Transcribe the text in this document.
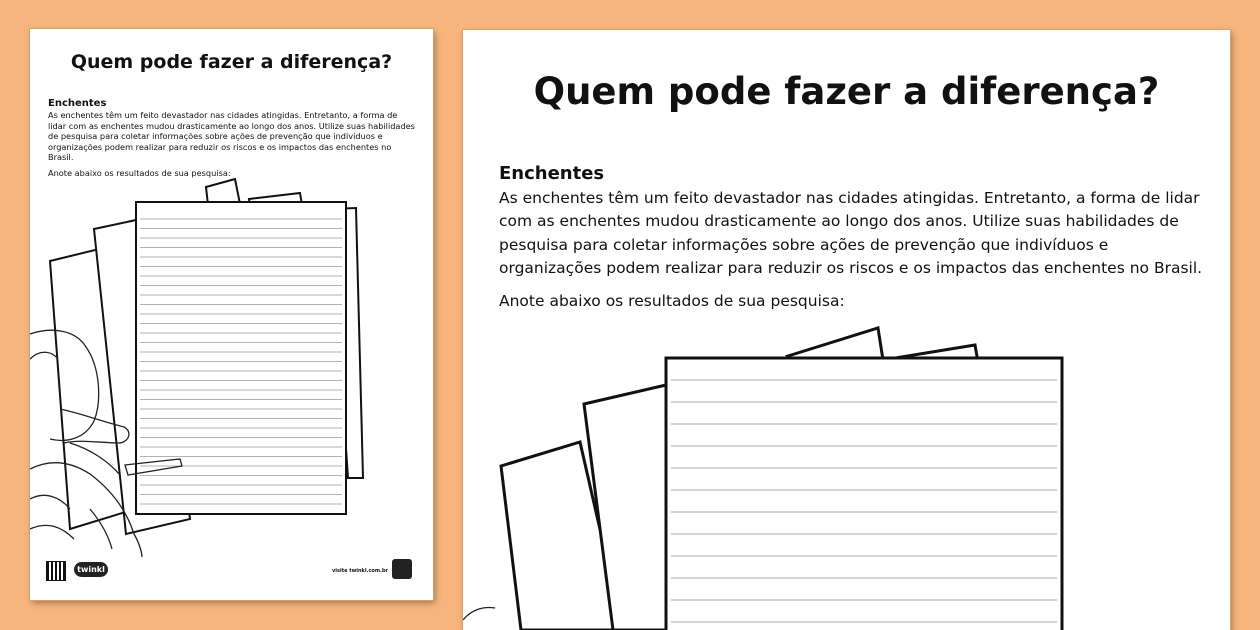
Quem pode fazer a diferença?
Enchentes

As enchentes têm um feito devastador nas cidades atingidas. Entretanto, a forma de lidar com as enchentes mudou drasticamente ao longo dos anos. Utilize suas habilidades de pesquisa para coletar informações sobre ações de prevenção que indivíduos e organizações podem realizar para reduzir os riscos e os impactos das enchentes no Brasil.

Anote abaixo os resultados de sua pesquisa:

twinkl	visite twinkl.com.br
Quem pode fazer a diferença?
Enchentes

As enchentes têm um feito devastador nas cidades atingidas. Entretanto, a forma de lidar com as enchentes mudou drasticamente ao longo dos anos. Utilize suas habilidades de pesquisa para coletar informações sobre ações de prevenção que indivíduos e organizações podem realizar para reduzir os riscos e os impactos das enchentes no Brasil.

Anote abaixo os resultados de sua pesquisa:
